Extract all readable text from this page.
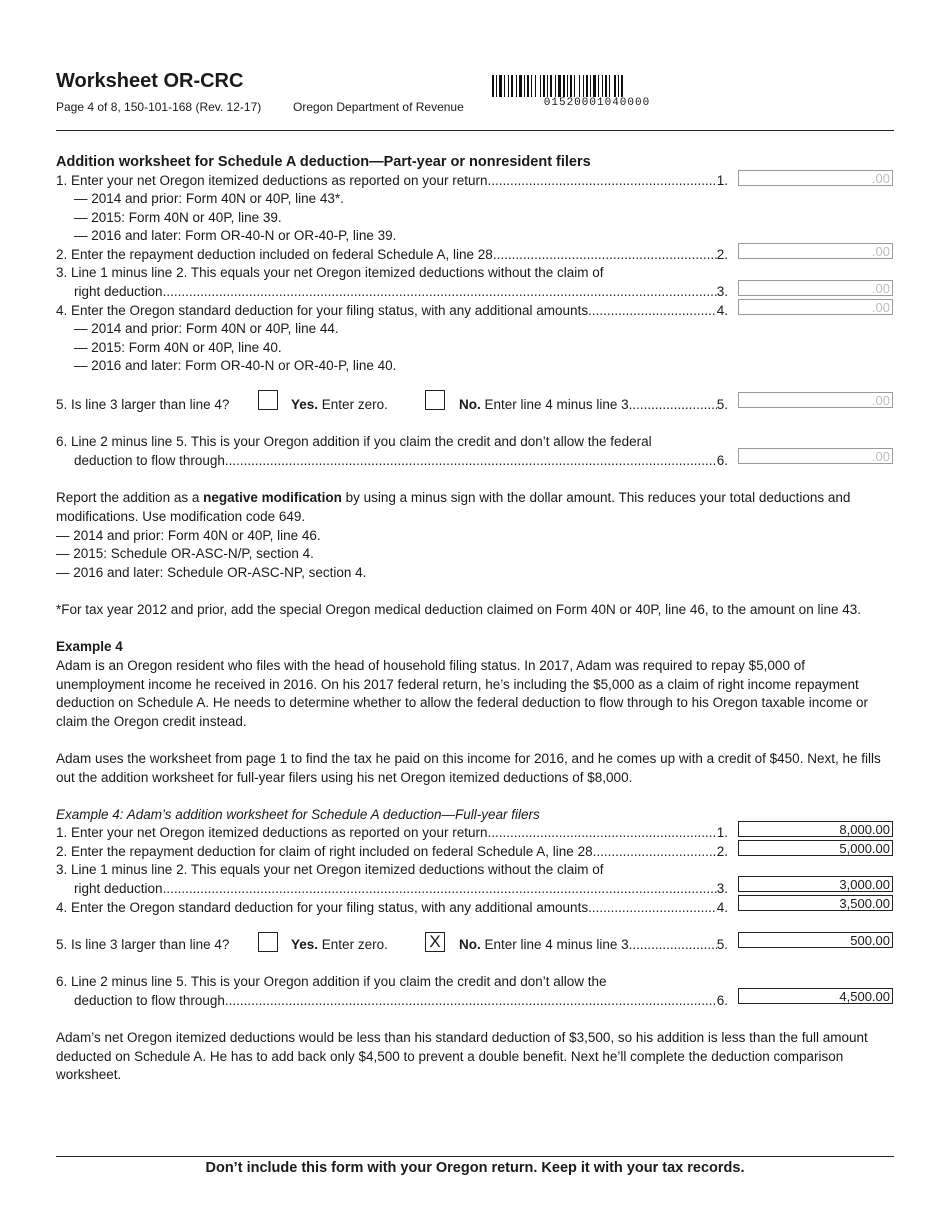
Worksheet OR-CRC
Page 4 of 8, 150-101-168 (Rev. 12-17)	Oregon Department of Revenue	01520001040000
Addition worksheet for Schedule A deduction—Part-year or nonresident filers
1. Enter your net Oregon itemized deductions as reported on your return .....	1.	.00
— 2014 and prior: Form 40N or 40P, line 43*.
— 2015: Form 40N or 40P, line 39.
— 2016 and later: Form OR-40-N or OR-40-P, line 39.
2. Enter the repayment deduction included on federal Schedule A, line 28 .....	2.	.00
3. Line 1 minus line 2. This equals your net Oregon itemized deductions without the claim of
right deduction .....	3.	.00
4. Enter the Oregon standard deduction for your filing status, with any additional amounts .....	4.	.00
— 2014 and prior: Form 40N or 40P, line 44.
— 2015: Form 40N or 40P, line 40.
— 2016 and later: Form OR-40-N or OR-40-P, line 40.
5. Is line 3 larger than line 4?	Yes. Enter zero.	No. Enter line 4 minus line 3 .....	5.	.00
6. Line 2 minus line 5. This is your Oregon addition if you claim the credit and don’t allow the federal
deduction to flow through .....	6.	.00
Report the addition as a negative modification by using a minus sign with the dollar amount. This reduces your total deductions and modifications. Use modification code 649.
— 2014 and prior: Form 40N or 40P, line 46.
— 2015: Schedule OR-ASC-N/P, section 4.
— 2016 and later: Schedule OR-ASC-NP, section 4.
*For tax year 2012 and prior, add the special Oregon medical deduction claimed on Form 40N or 40P, line 46, to the amount on line 43.
Example 4
Adam is an Oregon resident who files with the head of household filing status. In 2017, Adam was required to repay $5,000 of unemployment income he received in 2016. On his 2017 federal return, he’s including the $5,000 as a claim of right income repayment deduction on Schedule A. He needs to determine whether to allow the federal deduction to flow through to his Oregon taxable income or claim the Oregon credit instead.
Adam uses the worksheet from page 1 to find the tax he paid on this income for 2016, and he comes up with a credit of $450. Next, he fills out the addition worksheet for full-year filers using his net Oregon itemized deductions of $8,000.
Example 4: Adam’s addition worksheet for Schedule A deduction—Full-year filers
1. Enter your net Oregon itemized deductions as reported on your return .....	1.	8,000.00
2. Enter the repayment deduction for claim of right included on federal Schedule A, line 28 .....	2.	5,000.00
3. Line 1 minus line 2. This equals your net Oregon itemized deductions without the claim of
right deduction .....	3.	3,000.00
4. Enter the Oregon standard deduction for your filing status, with any additional amounts .....	4.	3,500.00
5. Is line 3 larger than line 4?	Yes. Enter zero. X	No. Enter line 4 minus line 3 .....	5.	500.00
6. Line 2 minus line 5. This is your Oregon addition if you claim the credit and don’t allow the
deduction to flow through .....	6.	4,500.00
Adam’s net Oregon itemized deductions would be less than his standard deduction of $3,500, so his addition is less than the full amount deducted on Schedule A. He has to add back only $4,500 to prevent a double benefit. Next he’ll complete the deduction comparison worksheet.
Don’t include this form with your Oregon return. Keep it with your tax records.
